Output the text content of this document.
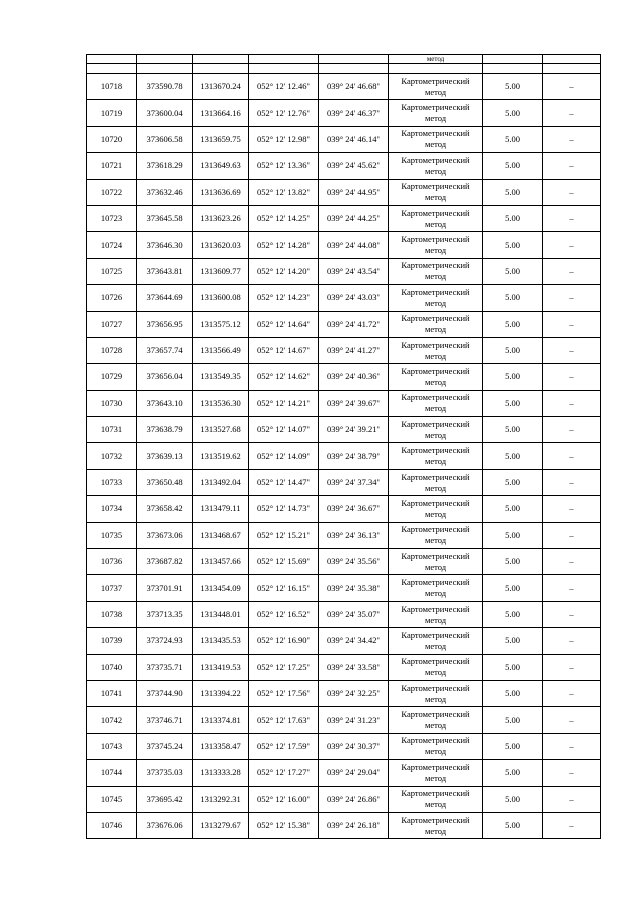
					метод		

10718	373590.78	1313670.24	052° 12' 12.46"	039° 24' 46.68"	Картометрический
метод	5.00	–
10719	373600.04	1313664.16	052° 12' 12.76"	039° 24' 46.37"	Картометрический
метод	5.00	–
10720	373606.58	1313659.75	052° 12' 12.98"	039° 24' 46.14"	Картометрический
метод	5.00	–
10721	373618.29	1313649.63	052° 12' 13.36"	039° 24' 45.62"	Картометрический
метод	5.00	–
10722	373632.46	1313636.69	052° 12' 13.82"	039° 24' 44.95"	Картометрический
метод	5.00	–
10723	373645.58	1313623.26	052° 12' 14.25"	039° 24' 44.25"	Картометрический
метод	5.00	–
10724	373646.30	1313620.03	052° 12' 14.28"	039° 24' 44.08"	Картометрический
метод	5.00	–
10725	373643.81	1313609.77	052° 12' 14.20"	039° 24' 43.54"	Картометрический
метод	5.00	–
10726	373644.69	1313600.08	052° 12' 14.23"	039° 24' 43.03"	Картометрический
метод	5.00	–
10727	373656.95	1313575.12	052° 12' 14.64"	039° 24' 41.72"	Картометрический
метод	5.00	–
10728	373657.74	1313566.49	052° 12' 14.67"	039° 24' 41.27"	Картометрический
метод	5.00	–
10729	373656.04	1313549.35	052° 12' 14.62"	039° 24' 40.36"	Картометрический
метод	5.00	–
10730	373643.10	1313536.30	052° 12' 14.21"	039° 24' 39.67"	Картометрический
метод	5.00	–
10731	373638.79	1313527.68	052° 12' 14.07"	039° 24' 39.21"	Картометрический
метод	5.00	–
10732	373639.13	1313519.62	052° 12' 14.09"	039° 24' 38.79"	Картометрический
метод	5.00	–
10733	373650.48	1313492.04	052° 12' 14.47"	039° 24' 37.34"	Картометрический
метод	5.00	–
10734	373658.42	1313479.11	052° 12' 14.73"	039° 24' 36.67"	Картометрический
метод	5.00	–
10735	373673.06	1313468.67	052° 12' 15.21"	039° 24' 36.13"	Картометрический
метод	5.00	–
10736	373687.82	1313457.66	052° 12' 15.69"	039° 24' 35.56"	Картометрический
метод	5.00	–
10737	373701.91	1313454.09	052° 12' 16.15"	039° 24' 35.38"	Картометрический
метод	5.00	–
10738	373713.35	1313448.01	052° 12' 16.52"	039° 24' 35.07"	Картометрический
метод	5.00	–
10739	373724.93	1313435.53	052° 12' 16.90"	039° 24' 34.42"	Картометрический
метод	5.00	–
10740	373735.71	1313419.53	052° 12' 17.25"	039° 24' 33.58"	Картометрический
метод	5.00	–
10741	373744.90	1313394.22	052° 12' 17.56"	039° 24' 32.25"	Картометрический
метод	5.00	–
10742	373746.71	1313374.81	052° 12' 17.63"	039° 24' 31.23"	Картометрический
метод	5.00	–
10743	373745.24	1313358.47	052° 12' 17.59"	039° 24' 30.37"	Картометрический
метод	5.00	–
10744	373735.03	1313333.28	052° 12' 17.27"	039° 24' 29.04"	Картометрический
метод	5.00	–
10745	373695.42	1313292.31	052° 12' 16.00"	039° 24' 26.86"	Картометрический
метод	5.00	–
10746	373676.06	1313279.67	052° 12' 15.38"	039° 24' 26.18"	Картометрический
метод	5.00	–
